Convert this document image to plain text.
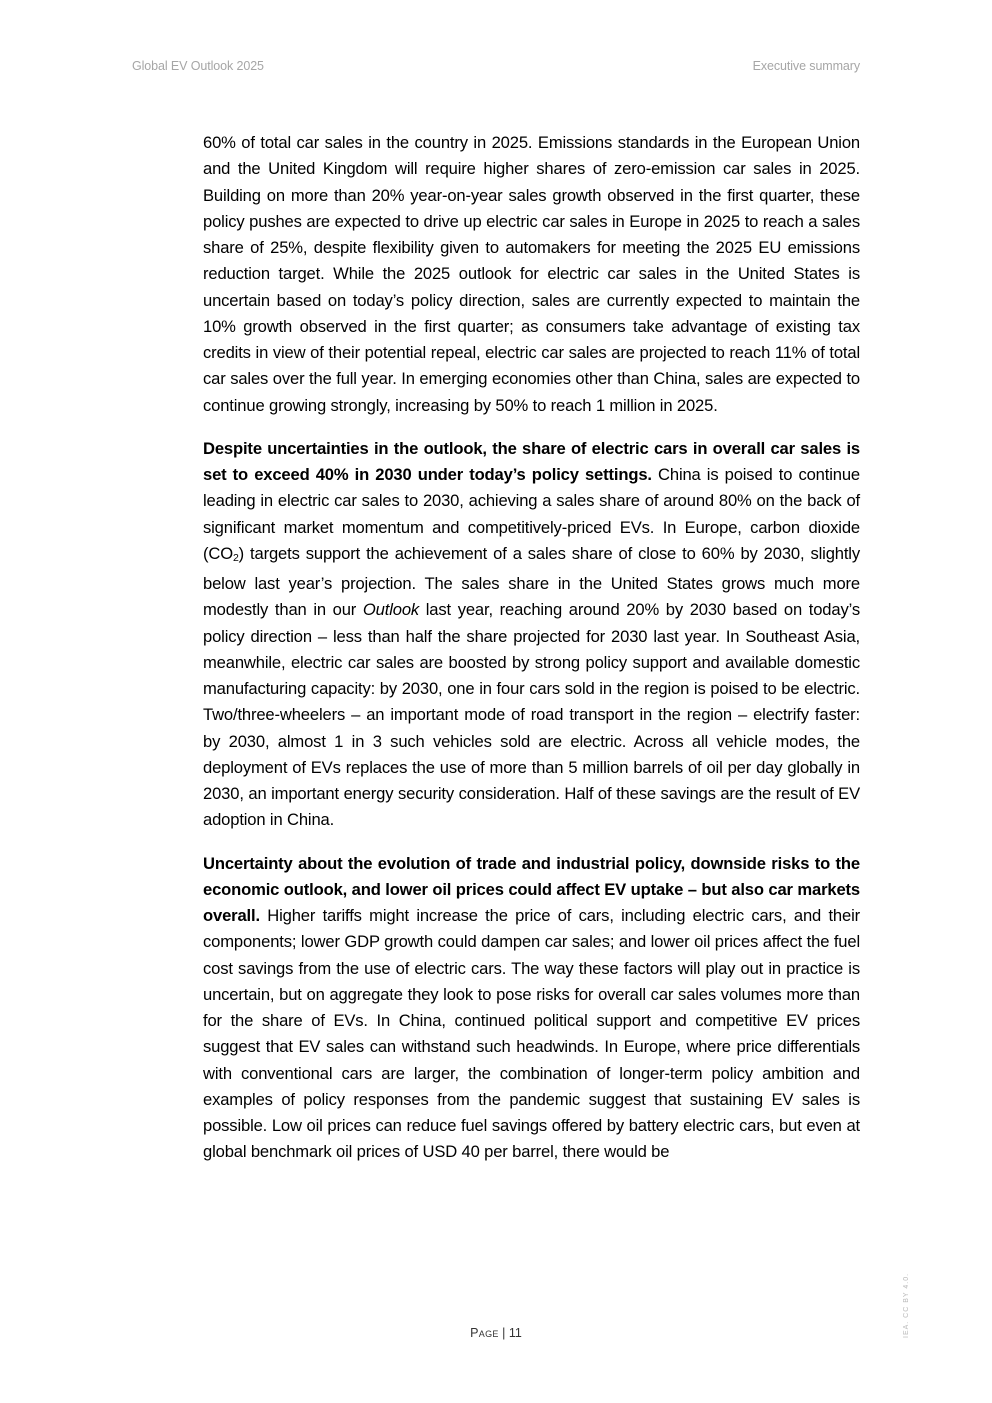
Global EV Outlook 2025	Executive summary

60% of total car sales in the country in 2025. Emissions standards in the European Union and the United Kingdom will require higher shares of zero-emission car sales in 2025. Building on more than 20% year-on-year sales growth observed in the first quarter, these policy pushes are expected to drive up electric car sales in Europe in 2025 to reach a sales share of 25%, despite flexibility given to automakers for meeting the 2025 EU emissions reduction target. While the 2025 outlook for electric car sales in the United States is uncertain based on today’s policy direction, sales are currently expected to maintain the 10% growth observed in the first quarter; as consumers take advantage of existing tax credits in view of their potential repeal, electric car sales are projected to reach 11% of total car sales over the full year. In emerging economies other than China, sales are expected to continue growing strongly, increasing by 50% to reach 1 million in 2025.

Despite uncertainties in the outlook, the share of electric cars in overall car sales is set to exceed 40% in 2030 under today’s policy settings. China is poised to continue leading in electric car sales to 2030, achieving a sales share of around 80% on the back of significant market momentum and competitively-priced EVs. In Europe, carbon dioxide (CO2) targets support the achievement of a sales share of close to 60% by 2030, slightly below last year’s projection. The sales share in the United States grows much more modestly than in our Outlook last year, reaching around 20% by 2030 based on today’s policy direction – less than half the share projected for 2030 last year. In Southeast Asia, meanwhile, electric car sales are boosted by strong policy support and available domestic manufacturing capacity: by 2030, one in four cars sold in the region is poised to be electric. Two/three-wheelers – an important mode of road transport in the region – electrify faster: by 2030, almost 1 in 3 such vehicles sold are electric. Across all vehicle modes, the deployment of EVs replaces the use of more than 5 million barrels of oil per day globally in 2030, an important energy security consideration. Half of these savings are the result of EV adoption in China.

Uncertainty about the evolution of trade and industrial policy, downside risks to the economic outlook, and lower oil prices could affect EV uptake – but also car markets overall. Higher tariffs might increase the price of cars, including electric cars, and their components; lower GDP growth could dampen car sales; and lower oil prices affect the fuel cost savings from the use of electric cars. The way these factors will play out in practice is uncertain, but on aggregate they look to pose risks for overall car sales volumes more than for the share of EVs. In China, continued political support and competitive EV prices suggest that EV sales can withstand such headwinds. In Europe, where price differentials with conventional cars are larger, the combination of longer-term policy ambition and examples of policy responses from the pandemic suggest that sustaining EV sales is possible. Low oil prices can reduce fuel savings offered by battery electric cars, but even at global benchmark oil prices of USD 40 per barrel, there would be

Page | 11	IEA. CC BY 4.0.
